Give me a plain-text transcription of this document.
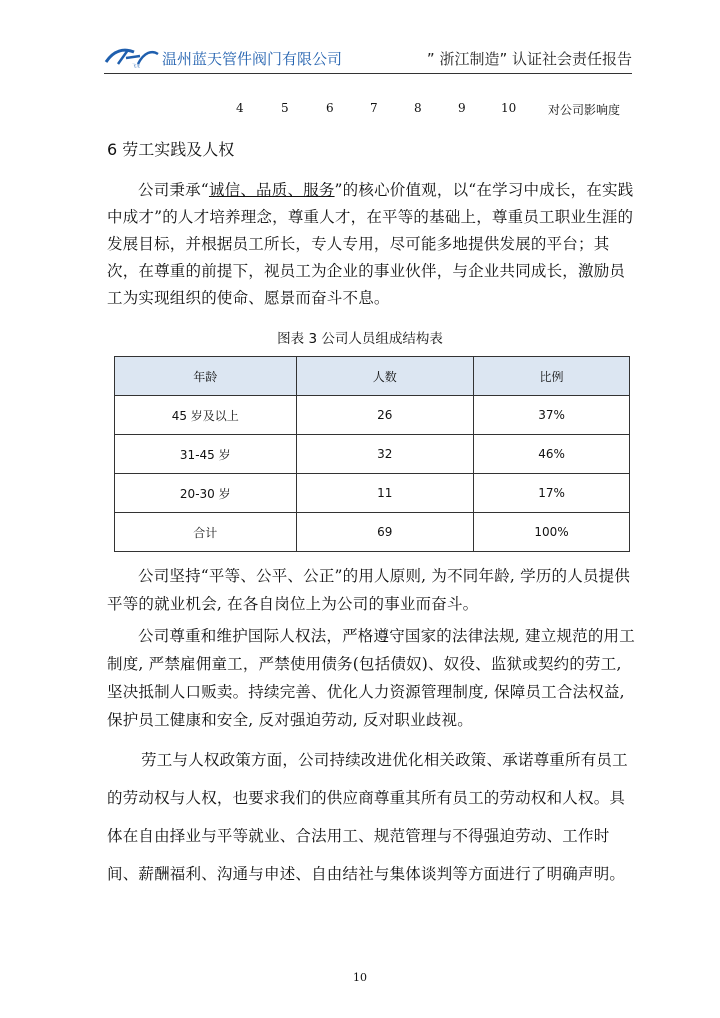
飞龙 温州蓝天管件阀门有限公司	” 浙江制造” 认证社会责任报告
4	5	6	7	8	9	10	对公司影响度
6 劳工实践及人权

公司秉承“诚信、品质、服务”的核心价值观，以“在学习中成长，在实践中成才”的人才培养理念，尊重人才，在平等的基础上，尊重员工职业生涯的发展目标，并根据员工所长，专人专用，尽可能多地提供发展的平台；其次，在尊重的前提下，视员工为企业的事业伙伴，与企业共同成长，激励员工为实现组织的使命、愿景而奋斗不息。

图表 3 公司人员组成结构表
年龄	人数	比例
45 岁及以上	26	37%
31-45 岁	32	46%
20-30 岁	11	17%
合计	69	100%

公司坚持“平等、公平、公正”的用人原则, 为不同年龄, 学历的人员提供平等的就业机会, 在各自岗位上为公司的事业而奋斗。

公司尊重和维护国际人权法，严格遵守国家的法律法规, 建立规范的用工制度, 严禁雇佣童工，严禁使用债务(包括债奴)、奴役、监狱或契约的劳工, 坚决抵制人口贩卖。持续完善、优化人力资源管理制度, 保障员工合法权益, 保护员工健康和安全, 反对强迫劳动, 反对职业歧视。

劳工与人权政策方面，公司持续改进优化相关政策、承诺尊重所有员工的劳动权与人权，也要求我们的供应商尊重其所有员工的劳动权和人权。具体在自由择业与平等就业、合法用工、规范管理与不得强迫劳动、工作时间、薪酬福利、沟通与申述、自由结社与集体谈判等方面进行了明确声明。

10
